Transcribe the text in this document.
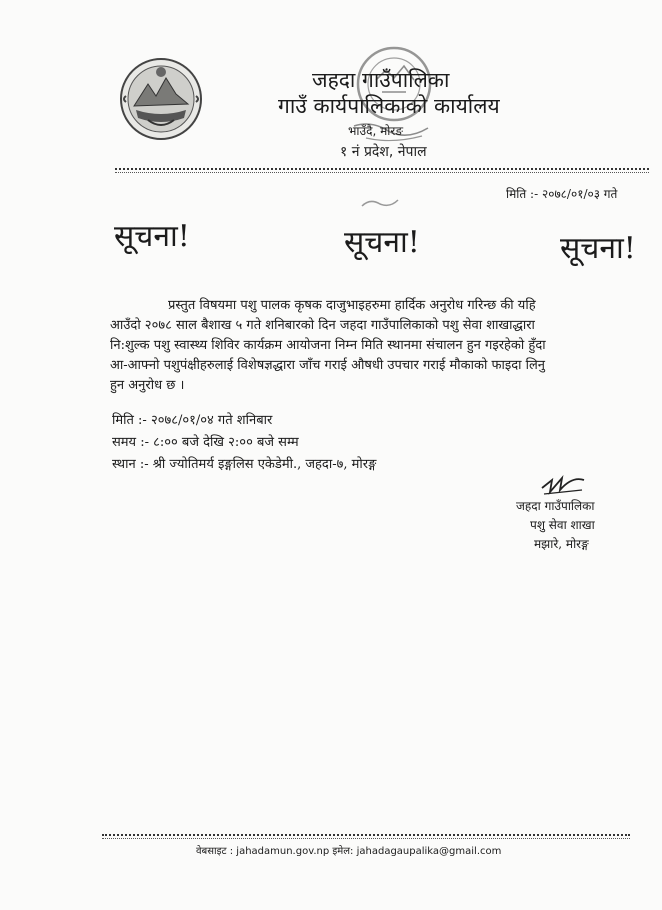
जहदा गाउँपालिका
गाउँ कार्यपालिकाको कार्यालय
भाउँदै, मोरङ
१ नं प्रदेश, नेपाल
मिति :- २०७८/०१/०३ गते
सूचना!	सूचना!	सूचना!
प्रस्तुत विषयमा पशु पालक कृषक दाजुभाइहरुमा हार्दिक अनुरोध गरिन्छ की यहि
आउँदो २०७८ साल बैशाख ५ गते शनिबारको दिन जहदा गाउँपालिकाको पशु सेवा शाखाद्धारा
नि:शुल्क पशु स्वास्थ्य शिविर कार्यक्रम आयोजना निम्न मिति स्थानमा संचालन हुन गइरहेको हुँदा
आ-आफ्नो पशुपंक्षीहरुलाई विशेषज्ञद्धारा जाँच गराई औषधी उपचार गराई मौकाको फाइदा लिनु
हुन अनुरोध छ ।
मिति :- २०७८/०१/०४ गते शनिबार
समय :- ८:०० बजे देखि २:०० बजे सम्म
स्थान :- श्री ज्योतिमर्य इङ्गलिस एकेडेमी., जहदा-७, मोरङ्ग
जहदा गाउँपालिका
पशु सेवा शाखा
मझारे, मोरङ्ग
वेबसाइट : jahadamun.gov.np इमेल: jahadagaupalika@gmail.com
